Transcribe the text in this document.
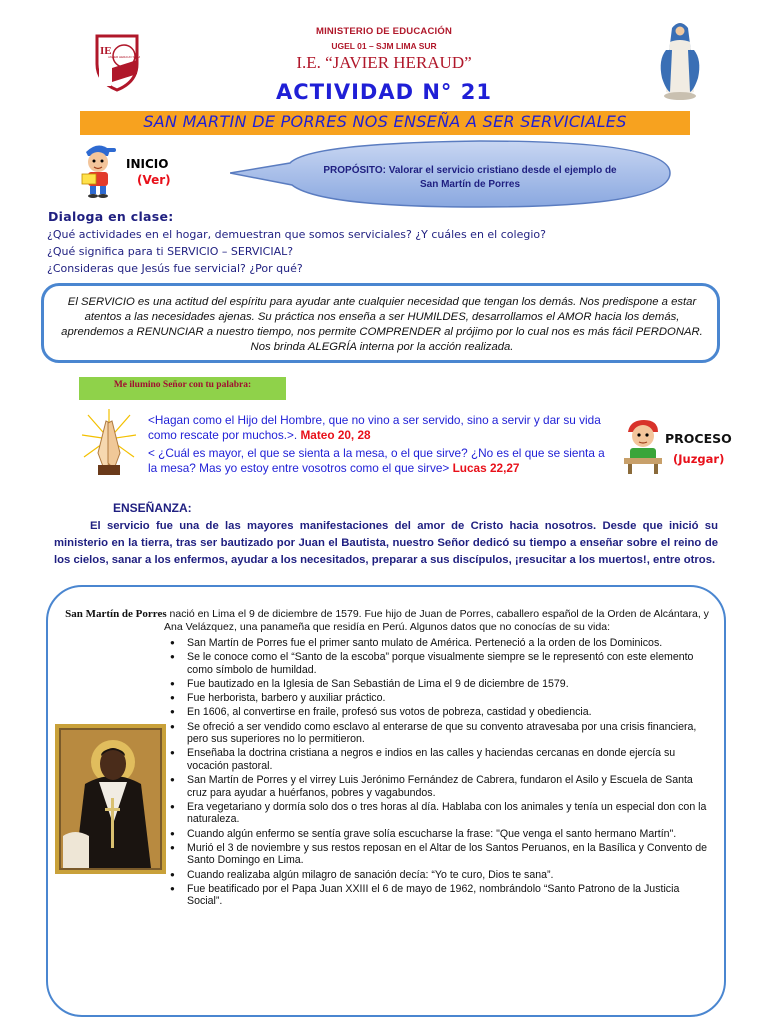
MINISTERIO DE EDUCACIÓN
UGEL 01 – SJM LIMA SUR
I.E. “JAVIER HERAUD”
ACTIVIDAD N° 21
IE
JAVIER HERAUD S.J.M
SAN MARTIN DE PORRES NOS ENSEÑA A SER SERVICIALES
INICIO
(Ver)
PROPÓSITO: Valorar el servicio cristiano desde el ejemplo de San Martín de Porres
Dialoga en clase:
¿Qué actividades en el hogar, demuestran que somos serviciales? ¿Y cuáles en el colegio?
¿Qué significa para ti SERVICIO – SERVICIAL?
¿Consideras que Jesús fue servicial? ¿Por qué?
El SERVICIO es una actitud del espíritu para ayudar ante cualquier necesidad que tengan los demás. Nos predispone a estar atentos a las necesidades ajenas. Su práctica nos enseña a ser HUMILDES, desarrollamos el AMOR hacia los demás, aprendemos a RENUNCIAR a nuestro tiempo, nos permite COMPRENDER al prójimo por lo cual nos es más fácil PERDONAR. Nos brinda ALEGRÍA interna por la acción realizada.
Me ilumino Señor con tu palabra:
<Hagan como el Hijo del Hombre, que no vino a ser servido, sino a servir y dar su vida como rescate por muchos.>. Mateo 20, 28
< ¿Cuál es mayor, el que se sienta a la mesa, o el que sirve? ¿No es el que se sienta a la mesa? Mas yo estoy entre vosotros como el que sirve> Lucas 22,27
PROCESO
(Juzgar)
ENSEÑANZA:
El servicio fue una de las mayores manifestaciones del amor de Cristo hacia nosotros. Desde que inició su ministerio en la tierra, tras ser bautizado por Juan el Bautista, nuestro Señor dedicó su tiempo a enseñar sobre el reino de los cielos, sanar a los enfermos, ayudar a los necesitados, preparar a sus discípulos, ¡resucitar a los muertos!, entre otros.
San Martín de Porres nació en Lima el 9 de diciembre de 1579. Fue hijo de Juan de Porres, caballero español de la Orden de Alcántara, y Ana Velázquez, una panameña que residía en Perú. Algunos datos que no conocías de su vida:
● San Martín de Porres fue el primer santo mulato de América. Perteneció a la orden de los Dominicos.
● Se le conoce como el “Santo de la escoba” porque visualmente siempre se le representó con este elemento como símbolo de humildad.
● Fue bautizado en la Iglesia de San Sebastián de Lima el 9 de diciembre de 1579.
● Fue herborista, barbero y auxiliar práctico.
● En 1606, al convertirse en fraile, profesó sus votos de pobreza, castidad y obediencia.
● Se ofreció a ser vendido como esclavo al enterarse de que su convento atravesaba por una crisis financiera, pero sus superiores no lo permitieron.
● Enseñaba la doctrina cristiana a negros e indios en las calles y haciendas cercanas en donde ejercía su vocación pastoral.
● San Martín de Porres y el virrey Luis Jerónimo Fernández de Cabrera, fundaron el Asilo y Escuela de Santa cruz para ayudar a huérfanos, pobres y vagabundos.
● Era vegetariano y dormía solo dos o tres horas al día. Hablaba con los animales y tenía un especial don con la naturaleza.
● Cuando algún enfermo se sentía grave solía escucharse la frase: "Que venga el santo hermano Martín".
● Murió el 3 de noviembre y sus restos reposan en el Altar de los Santos Peruanos, en la Basílica y Convento de Santo Domingo en Lima.
● Cuando realizaba algún milagro de sanación decía: “Yo te curo, Dios te sana”.
● Fue beatificado por el Papa Juan XXIII el 6 de mayo de 1962, nombrándolo “Santo Patrono de la Justicia Social”.
